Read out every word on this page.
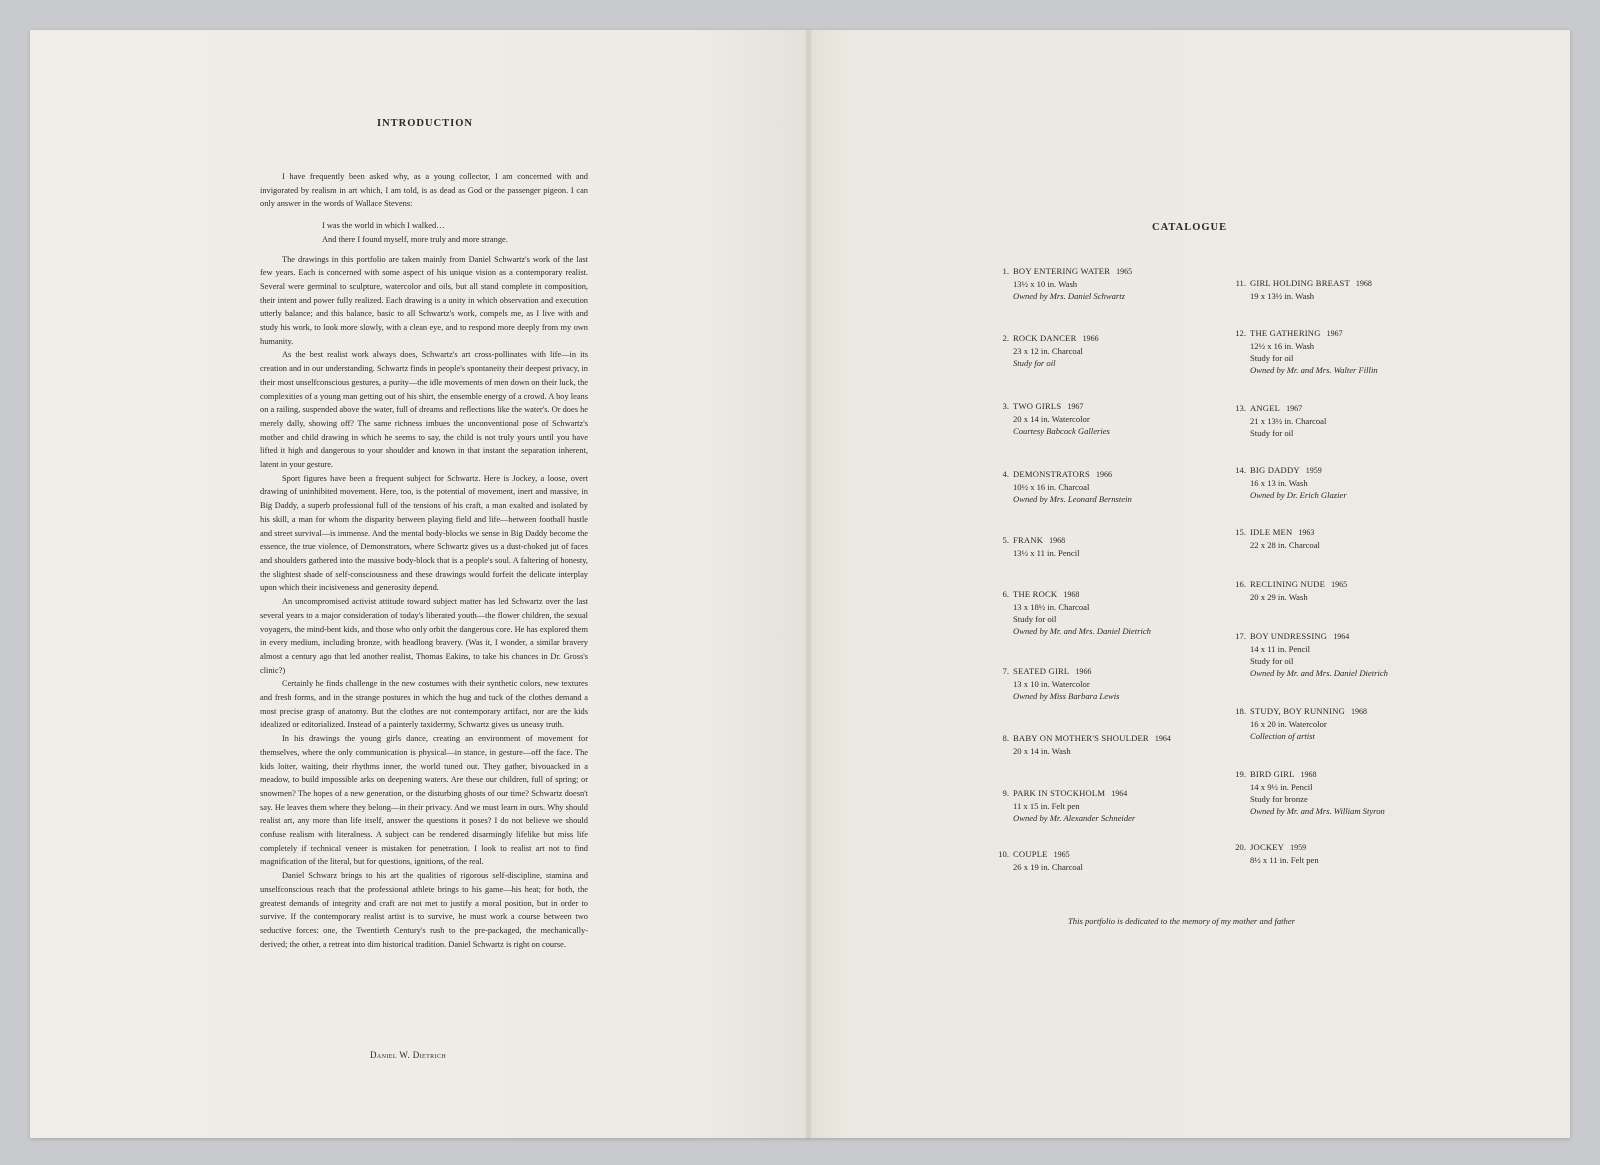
INTRODUCTION

I have frequently been asked why, as a young collector, I am concerned with and invigorated by realism in art which, I am told, is as dead as God or the passenger pigeon. I can only answer in the words of Wallace Stevens:

I was the world in which I walked…
And there I found myself, more truly and more strange.

The drawings in this portfolio are taken mainly from Daniel Schwartz's work of the last few years. Each is concerned with some aspect of his unique vision as a contemporary realist. Several were germinal to sculpture, watercolor and oils, but all stand complete in composition, their intent and power fully realized. Each drawing is a unity in which observation and execution utterly balance; and this balance, basic to all Schwartz's work, compels me, as I live with and study his work, to look more slowly, with a clean eye, and to respond more deeply from my own humanity.

As the best realist work always does, Schwartz's art cross-pollinates with life—in its creation and in our understanding. Schwartz finds in people's spontaneity their deepest privacy, in their most unselfconscious gestures, a purity—the idle movements of men down on their luck, the complexities of a young man getting out of his shirt, the ensemble energy of a crowd. A boy leans on a railing, suspended above the water, full of dreams and reflections like the water's. Or does he merely dally, showing off? The same richness imbues the unconventional pose of Schwartz's mother and child drawing in which he seems to say, the child is not truly yours until you have lifted it high and dangerous to your shoulder and known in that instant the separation inherent, latent in your gesture.

Sport figures have been a frequent subject for Schwartz. Here is Jockey, a loose, overt drawing of uninhibited movement. Here, too, is the potential of movement, inert and massive, in Big Daddy, a superb professional full of the tensions of his craft, a man exalted and isolated by his skill, a man for whom the disparity between playing field and life—between football hustle and street survival—is immense. And the mental body-blocks we sense in Big Daddy become the essence, the true violence, of Demonstrators, where Schwartz gives us a dust-choked jut of faces and shoulders gathered into the massive body-block that is a people's soul. A faltering of honesty, the slightest shade of self-consciousness and these drawings would forfeit the delicate interplay upon which their incisiveness and generosity depend.

An uncompromised activist attitude toward subject matter has led Schwartz over the last several years to a major consideration of today's liberated youth—the flower children, the sexual voyagers, the mind-bent kids, and those who only orbit the dangerous core. He has explored them in every medium, including bronze, with headlong bravery. (Was it, I wonder, a similar bravery almost a century ago that led another realist, Thomas Eakins, to take his chances in Dr. Gross's clinic?)

Certainly he finds challenge in the new costumes with their synthetic colors, new textures and fresh forms, and in the strange postures in which the hug and tuck of the clothes demand a most precise grasp of anatomy. But the clothes are not contemporary artifact, nor are the kids idealized or editorialized. Instead of a painterly taxidermy, Schwartz gives us uneasy truth.

In his drawings the young girls dance, creating an environment of movement for themselves, where the only communication is physical—in stance, in gesture—off the face. The kids loiter, waiting, their rhythms inner, the world tuned out. They gather, bivouacked in a meadow, to build impossible arks on deepening waters. Are these our children, full of spring; or snowmen? The hopes of a new generation, or the disturbing ghosts of our time? Schwartz doesn't say. He leaves them where they belong—in their privacy. And we must learn in ours. Why should realist art, any more than life itself, answer the questions it poses? I do not believe we should confuse realism with literalness. A subject can be rendered disarmingly lifelike but miss life completely if technical veneer is mistaken for penetration. I look to realist art not to find magnification of the literal, but for questions, ignitions, of the real.

Daniel Schwarz brings to his art the qualities of rigorous self-discipline, stamina and unselfconscious reach that the professional athlete brings to his game—his heat; for both, the greatest demands of integrity and craft are not met to justify a moral position, but in order to survive. If the contemporary realist artist is to survive, he must work a course between two seductive forces: one, the Twentieth Century's rush to the pre-packaged, the mechanically-derived; the other, a retreat into dim historical tradition. Daniel Schwartz is right on course.

Daniel W. Dietrich
CATALOGUE
1. BOY ENTERING WATER 1965
13½ x 10 in. Wash
Owned by Mrs. Daniel Schwartz
2. ROCK DANCER 1966
23 x 12 in. Charcoal
Study for oil
3. TWO GIRLS 1967
20 x 14 in. Watercolor
Courtesy Babcock Galleries
4. DEMONSTRATORS 1966
10½ x 16 in. Charcoal
Owned by Mrs. Leonard Bernstein
5. FRANK 1968
13½ x 11 in. Pencil
6. THE ROCK 1968
13 x 18½ in. Charcoal
Study for oil
Owned by Mr. and Mrs. Daniel Dietrich
7. SEATED GIRL 1966
13 x 10 in. Watercolor
Owned by Miss Barbara Lewis
8. BABY ON MOTHER'S SHOULDER 1964
20 x 14 in. Wash
9. PARK IN STOCKHOLM 1964
11 x 15 in. Felt pen
Owned by Mr. Alexander Schneider
10. COUPLE 1965
26 x 19 in. Charcoal
11. GIRL HOLDING BREAST 1968
19 x 13½ in. Wash
12. THE GATHERING 1967
12½ x 16 in. Wash
Study for oil
Owned by Mr. and Mrs. Walter Fillin
13. ANGEL 1967
21 x 13½ in. Charcoal
Study for oil
14. BIG DADDY 1959
16 x 13 in. Wash
Owned by Dr. Erich Glazier
15. IDLE MEN 1963
22 x 28 in. Charcoal
16. RECLINING NUDE 1965
20 x 29 in. Wash
17. BOY UNDRESSING 1964
14 x 11 in. Pencil
Study for oil
Owned by Mr. and Mrs. Daniel Dietrich
18. STUDY, BOY RUNNING 1968
16 x 20 in. Watercolor
Collection of artist
19. BIRD GIRL 1968
14 x 9½ in. Pencil
Study for bronze
Owned by Mr. and Mrs. William Styron
20. JOCKEY 1959
8½ x 11 in. Felt pen
This portfolio is dedicated to the memory of my mother and father
